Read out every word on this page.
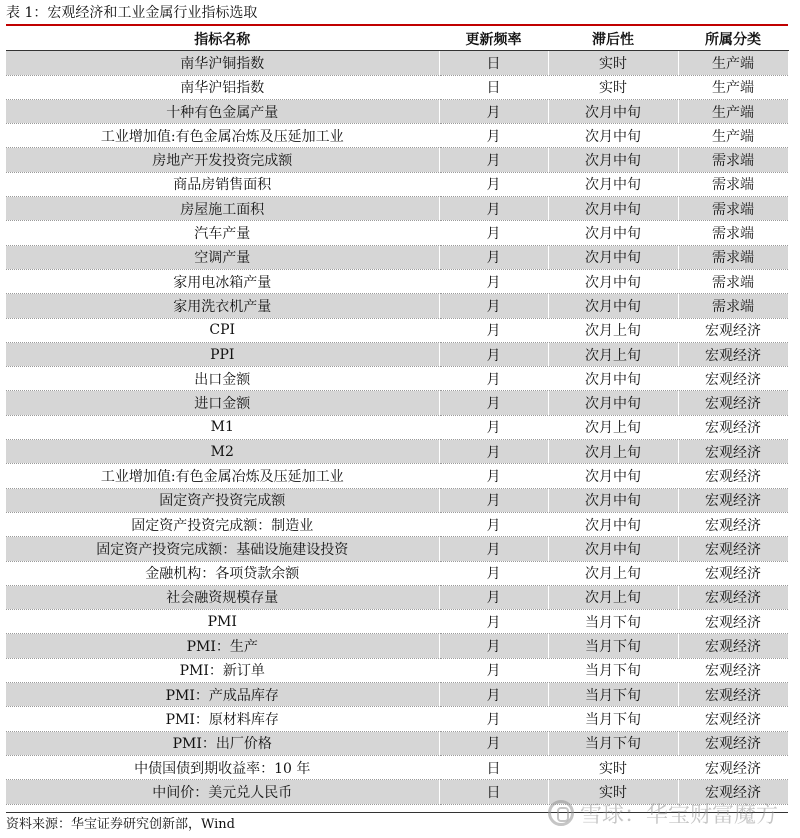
表 1：宏观经济和工业金属行业指标选取
指标名称	更新频率	滞后性	所属分类
南华沪铜指数	日	实时	生产端
南华沪铝指数	日	实时	生产端
十种有色金属产量	月	次月中旬	生产端
工业增加值:有色金属冶炼及压延加工业	月	次月中旬	生产端
房地产开发投资完成额	月	次月中旬	需求端
商品房销售面积	月	次月中旬	需求端
房屋施工面积	月	次月中旬	需求端
汽车产量	月	次月中旬	需求端
空调产量	月	次月中旬	需求端
家用电冰箱产量	月	次月中旬	需求端
家用洗衣机产量	月	次月中旬	需求端
CPI	月	次月上旬	宏观经济
PPI	月	次月上旬	宏观经济
出口金额	月	次月中旬	宏观经济
进口金额	月	次月中旬	宏观经济
M1	月	次月上旬	宏观经济
M2	月	次月上旬	宏观经济
工业增加值:有色金属冶炼及压延加工业	月	次月中旬	宏观经济
固定资产投资完成额	月	次月中旬	宏观经济
固定资产投资完成额：制造业	月	次月中旬	宏观经济
固定资产投资完成额：基础设施建设投资	月	次月中旬	宏观经济
金融机构：各项贷款余额	月	次月上旬	宏观经济
社会融资规模存量	月	次月上旬	宏观经济
PMI	月	当月下旬	宏观经济
PMI：生产	月	当月下旬	宏观经济
PMI：新订单	月	当月下旬	宏观经济
PMI：产成品库存	月	当月下旬	宏观经济
PMI：原材料库存	月	当月下旬	宏观经济
PMI：出厂价格	月	当月下旬	宏观经济
中债国债到期收益率：10 年	日	实时	宏观经济
中间价：美元兑人民币	日	实时	宏观经济
资料来源：华宝证券研究创新部，Wind	雪球：华宝财富魔方
